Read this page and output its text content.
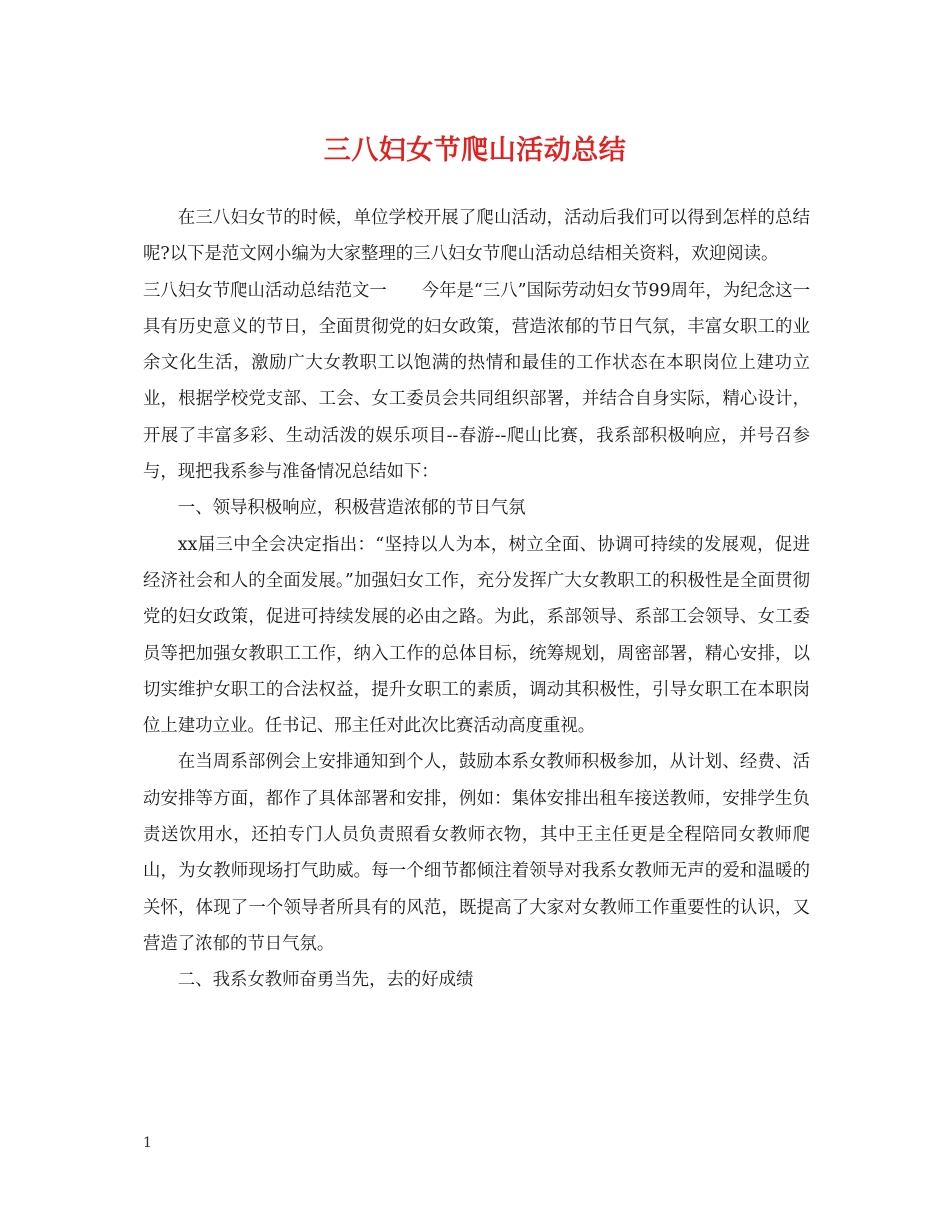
三八妇女节爬山活动总结

在三八妇女节的时候，单位学校开展了爬山活动，活动后我们可以得到怎样的总结呢?以下是范文网小编为大家整理的三八妇女节爬山活动总结相关资料，欢迎阅读。

三八妇女节爬山活动总结范文一　　今年是“三八”国际劳动妇女节99周年，为纪念这一具有历史意义的节日，全面贯彻党的妇女政策，营造浓郁的节日气氛，丰富女职工的业余文化生活，激励广大女教职工以饱满的热情和最佳的工作状态在本职岗位上建功立业，根据学校党支部、工会、女工委员会共同组织部署，并结合自身实际，精心设计，开展了丰富多彩、生动活泼的娱乐项目--春游--爬山比赛，我系部积极响应，并号召参与，现把我系参与准备情况总结如下：

一、领导积极响应，积极营造浓郁的节日气氛

xx届三中全会决定指出：“坚持以人为本，树立全面、协调可持续的发展观，促进经济社会和人的全面发展。”加强妇女工作，充分发挥广大女教职工的积极性是全面贯彻党的妇女政策，促进可持续发展的必由之路。为此，系部领导、系部工会领导、女工委员等把加强女教职工工作，纳入工作的总体目标，统筹规划，周密部署，精心安排，以切实维护女职工的合法权益，提升女职工的素质，调动其积极性，引导女职工在本职岗位上建功立业。任书记、邢主任对此次比赛活动高度重视。

在当周系部例会上安排通知到个人，鼓励本系女教师积极参加，从计划、经费、活动安排等方面，都作了具体部署和安排，例如：集体安排出租车接送教师，安排学生负责送饮用水，还拍专门人员负责照看女教师衣物，其中王主任更是全程陪同女教师爬山，为女教师现场打气助威。每一个细节都倾注着领导对我系女教师无声的爱和温暖的关怀，体现了一个领导者所具有的风范，既提高了大家对女教师工作重要性的认识，又营造了浓郁的节日气氛。

二、我系女教师奋勇当先，去的好成绩

1
